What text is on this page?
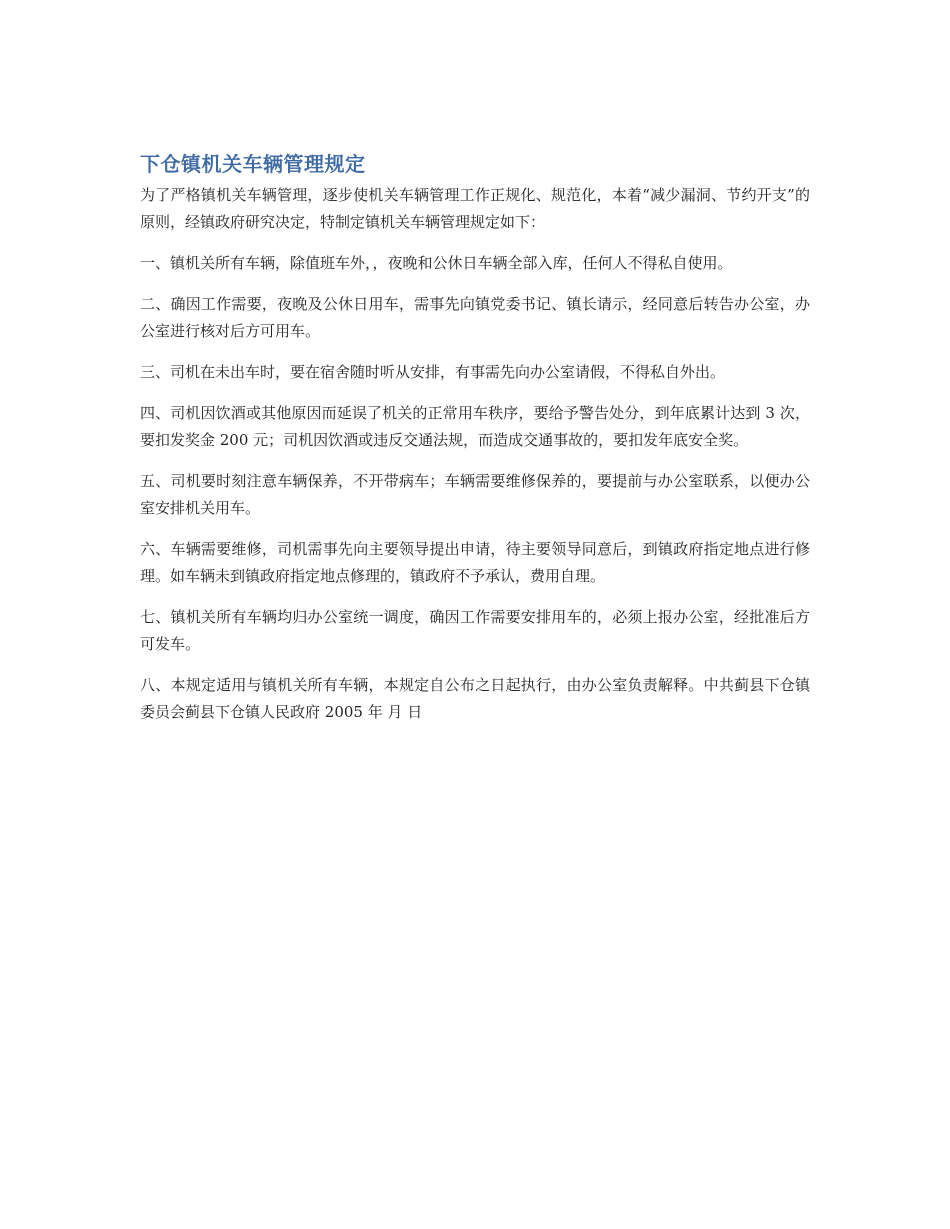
下仓镇机关车辆管理规定

为了严格镇机关车辆管理，逐步使机关车辆管理工作正规化、规范化，本着“减少漏洞、节约开支”的原则，经镇政府研究决定，特制定镇机关车辆管理规定如下：

一、镇机关所有车辆，除值班车外，，夜晚和公休日车辆全部入库，任何人不得私自使用。

二、确因工作需要，夜晚及公休日用车，需事先向镇党委书记、镇长请示，经同意后转告办公室，办公室进行核对后方可用车。

三、司机在未出车时，要在宿舍随时听从安排，有事需先向办公室请假，不得私自外出。

四、司机因饮酒或其他原因而延误了机关的正常用车秩序，要给予警告处分，到年底累计达到 3 次，要扣发奖金 200 元；司机因饮酒或违反交通法规，而造成交通事故的，要扣发年底安全奖。

五、司机要时刻注意车辆保养，不开带病车；车辆需要维修保养的，要提前与办公室联系，以便办公室安排机关用车。

六、车辆需要维修，司机需事先向主要领导提出申请，待主要领导同意后，到镇政府指定地点进行修理。如车辆未到镇政府指定地点修理的，镇政府不予承认，费用自理。

七、镇机关所有车辆均归办公室统一调度，确因工作需要安排用车的，必须上报办公室，经批准后方可发车。

八、本规定适用与镇机关所有车辆，本规定自公布之日起执行，由办公室负责解释。中共蓟县下仓镇委员会蓟县下仓镇人民政府 2005 年 月 日
